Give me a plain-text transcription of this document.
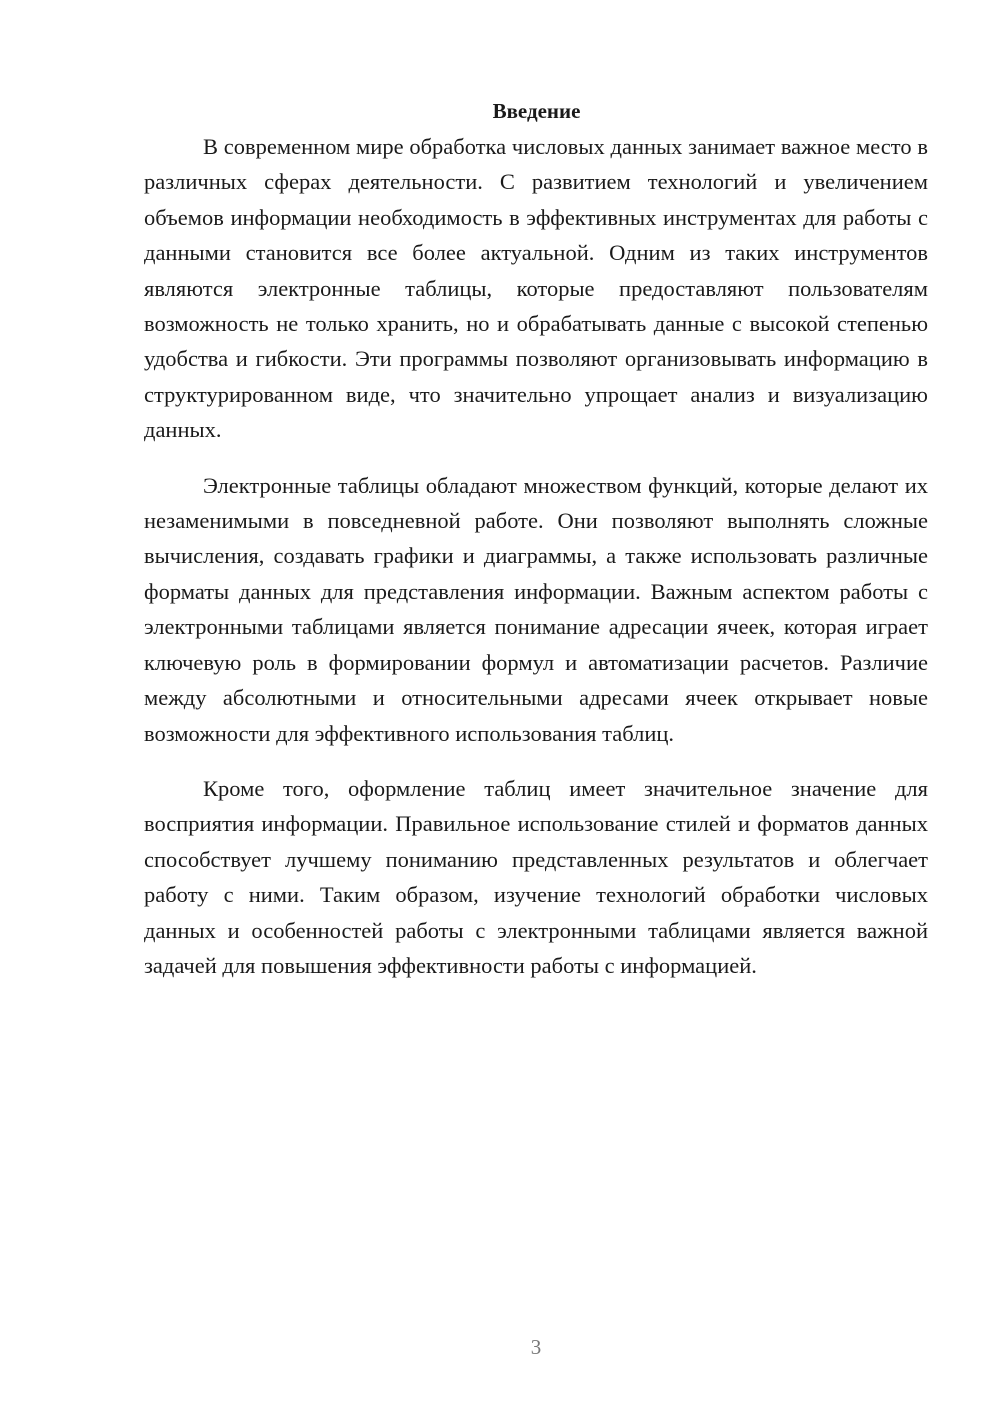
Введение

В современном мире обработка числовых данных занимает важное место в различных сферах деятельности. С развитием технологий и увеличением объемов информации необходимость в эффективных инструментах для работы с данными становится все более актуальной. Одним из таких инструментов являются электронные таблицы, которые предоставляют пользователям возможность не только хранить, но и обрабатывать данные с высокой степенью удобства и гибкости. Эти программы позволяют организовывать информацию в структурированном виде, что значительно упрощает анализ и визуализацию данных.

Электронные таблицы обладают множеством функций, которые делают их незаменимыми в повседневной работе. Они позволяют выполнять сложные вычисления, создавать графики и диаграммы, а также использовать различные форматы данных для представления информации. Важным аспектом работы с электронными таблицами является понимание адресации ячеек, которая играет ключевую роль в формировании формул и автоматизации расчетов. Различие между абсолютными и относительными адресами ячеек открывает новые возможности для эффективного использования таблиц.

Кроме того, оформление таблиц имеет значительное значение для восприятия информации. Правильное использование стилей и форматов данных способствует лучшему пониманию представленных результатов и облегчает работу с ними. Таким образом, изучение технологий обработки числовых данных и особенностей работы с электронными таблицами является важной задачей для повышения эффективности работы с информацией.

3
